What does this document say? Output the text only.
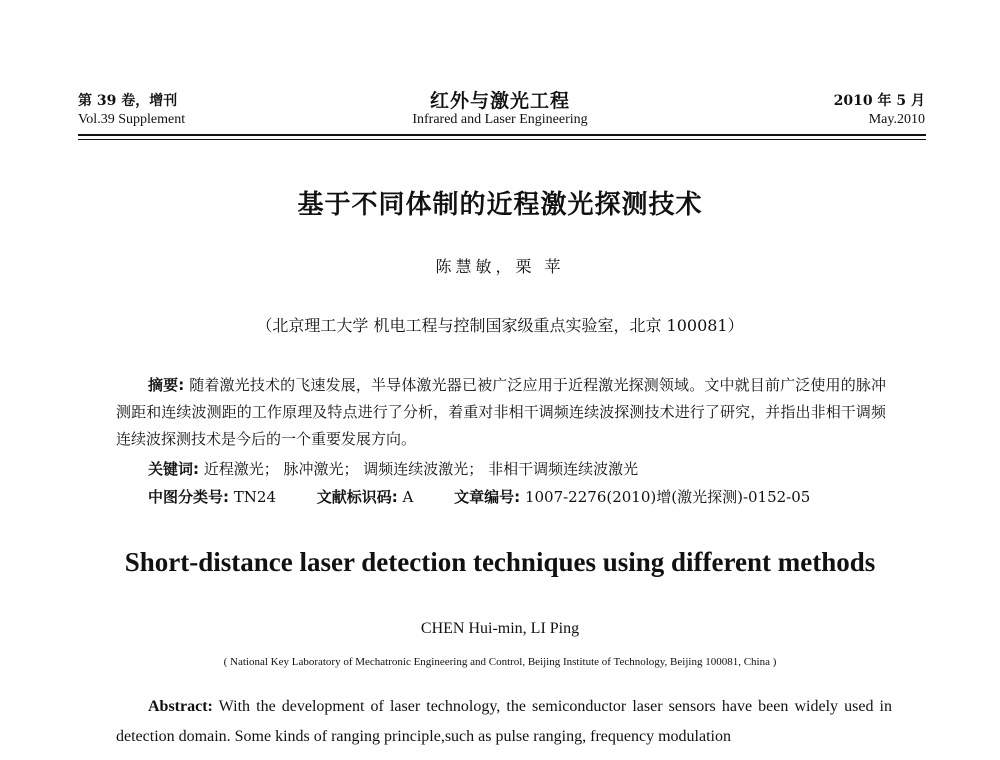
第 39 卷，增刊
Vol.39 Supplement
红外与激光工程
Infrared and Laser Engineering
2010 年 5 月
May.2010
基于不同体制的近程激光探测技术
陈慧敏，栗 苹
（北京理工大学 机电工程与控制国家级重点实验室，北京 100081）
摘要: 随着激光技术的飞速发展，半导体激光器已被广泛应用于近程激光探测领域。文中就目前广泛使用的脉冲测距和连续波测距的工作原理及特点进行了分析，着重对非相干调频连续波探测技术进行了研究，并指出非相干调频连续波探测技术是今后的一个重要发展方向。
关键词: 近程激光； 脉冲激光； 调频连续波激光； 非相干调频连续波激光
中图分类号: TN24	文献标识码: A	文章编号: 1007-2276(2010)增(激光探测)-0152-05
Short-distance laser detection techniques using different methods
CHEN Hui-min, LI Ping
( National Key Laboratory of Mechatronic Engineering and Control, Beijing Institute of Technology, Beijing 100081, China )
Abstract: With the development of laser technology, the semiconductor laser sensors have been widely used in detection domain. Some kinds of ranging principle,such as pulse ranging, frequency modulation
